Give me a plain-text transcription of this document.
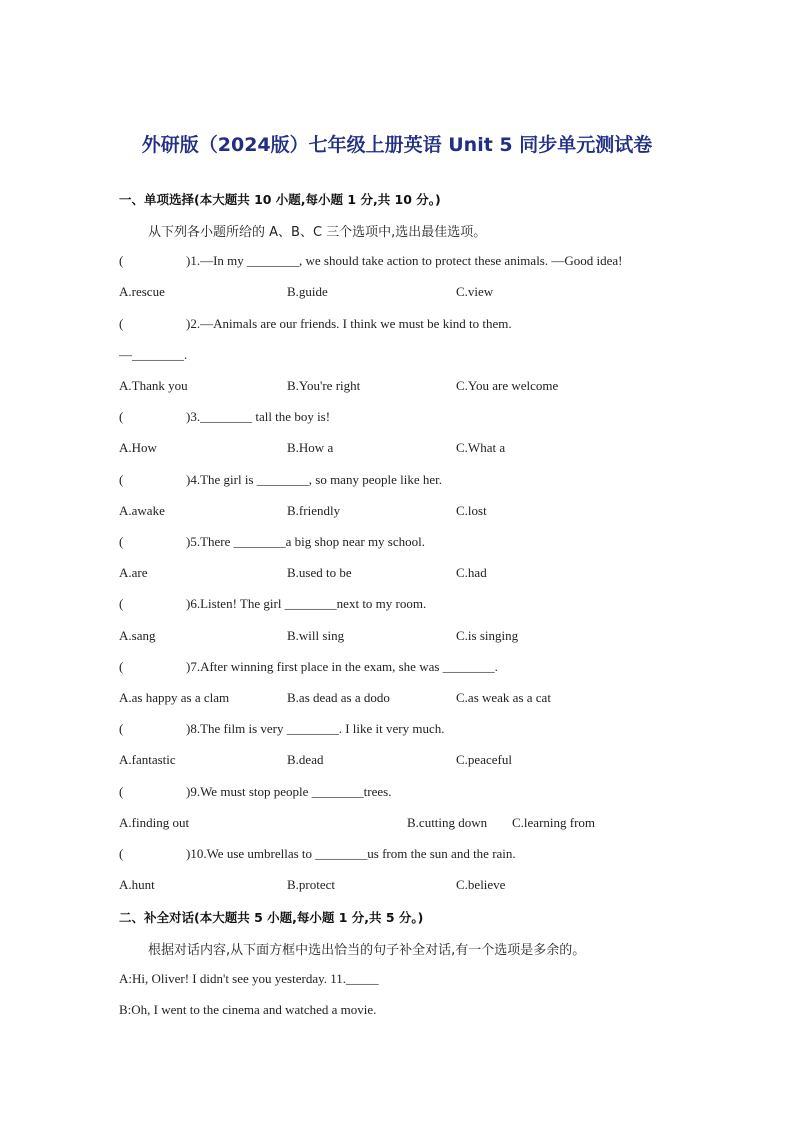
外研版（2024版）七年级上册英语 Unit 5 同步单元测试卷
一、单项选择(本大题共 10 小题,每小题 1 分,共 10 分。)
从下列各小题所给的 A、B、C 三个选项中,选出最佳选项。
(	)1.—In my ________, we should take action to protect these animals. —Good idea!
A.rescue	B.guide	C.view
(	)2.—Animals are our friends. I think we must be kind to them.
—________.
A.Thank you	B.You're right	C.You are welcome
(	)3.________ tall the boy is!
A.How	B.How a	C.What a
(	)4.The girl is ________, so many people like her.
A.awake	B.friendly	C.lost
(	)5.There ________a big shop near my school.
A.are	B.used to be	C.had
(	)6.Listen! The girl ________next to my room.
A.sang	B.will sing	C.is singing
(	)7.After winning first place in the exam, she was ________.
A.as happy as a clam	B.as dead as a dodo	C.as weak as a cat
(	)8.The film is very ________. I like it very much.
A.fantastic	B.dead	C.peaceful
(	)9.We must stop people ________trees.
A.finding out	B.cutting down C.learning from
(	)10.We use umbrellas to ________us from the sun and the rain.
A.hunt	B.protect	C.believe
二、补全对话(本大题共 5 小题,每小题 1 分,共 5 分。)
根据对话内容,从下面方框中选出恰当的句子补全对话,有一个选项是多余的。
A:Hi, Oliver! I didn't see you yesterday. 11._____
B:Oh, I went to the cinema and watched a movie.
